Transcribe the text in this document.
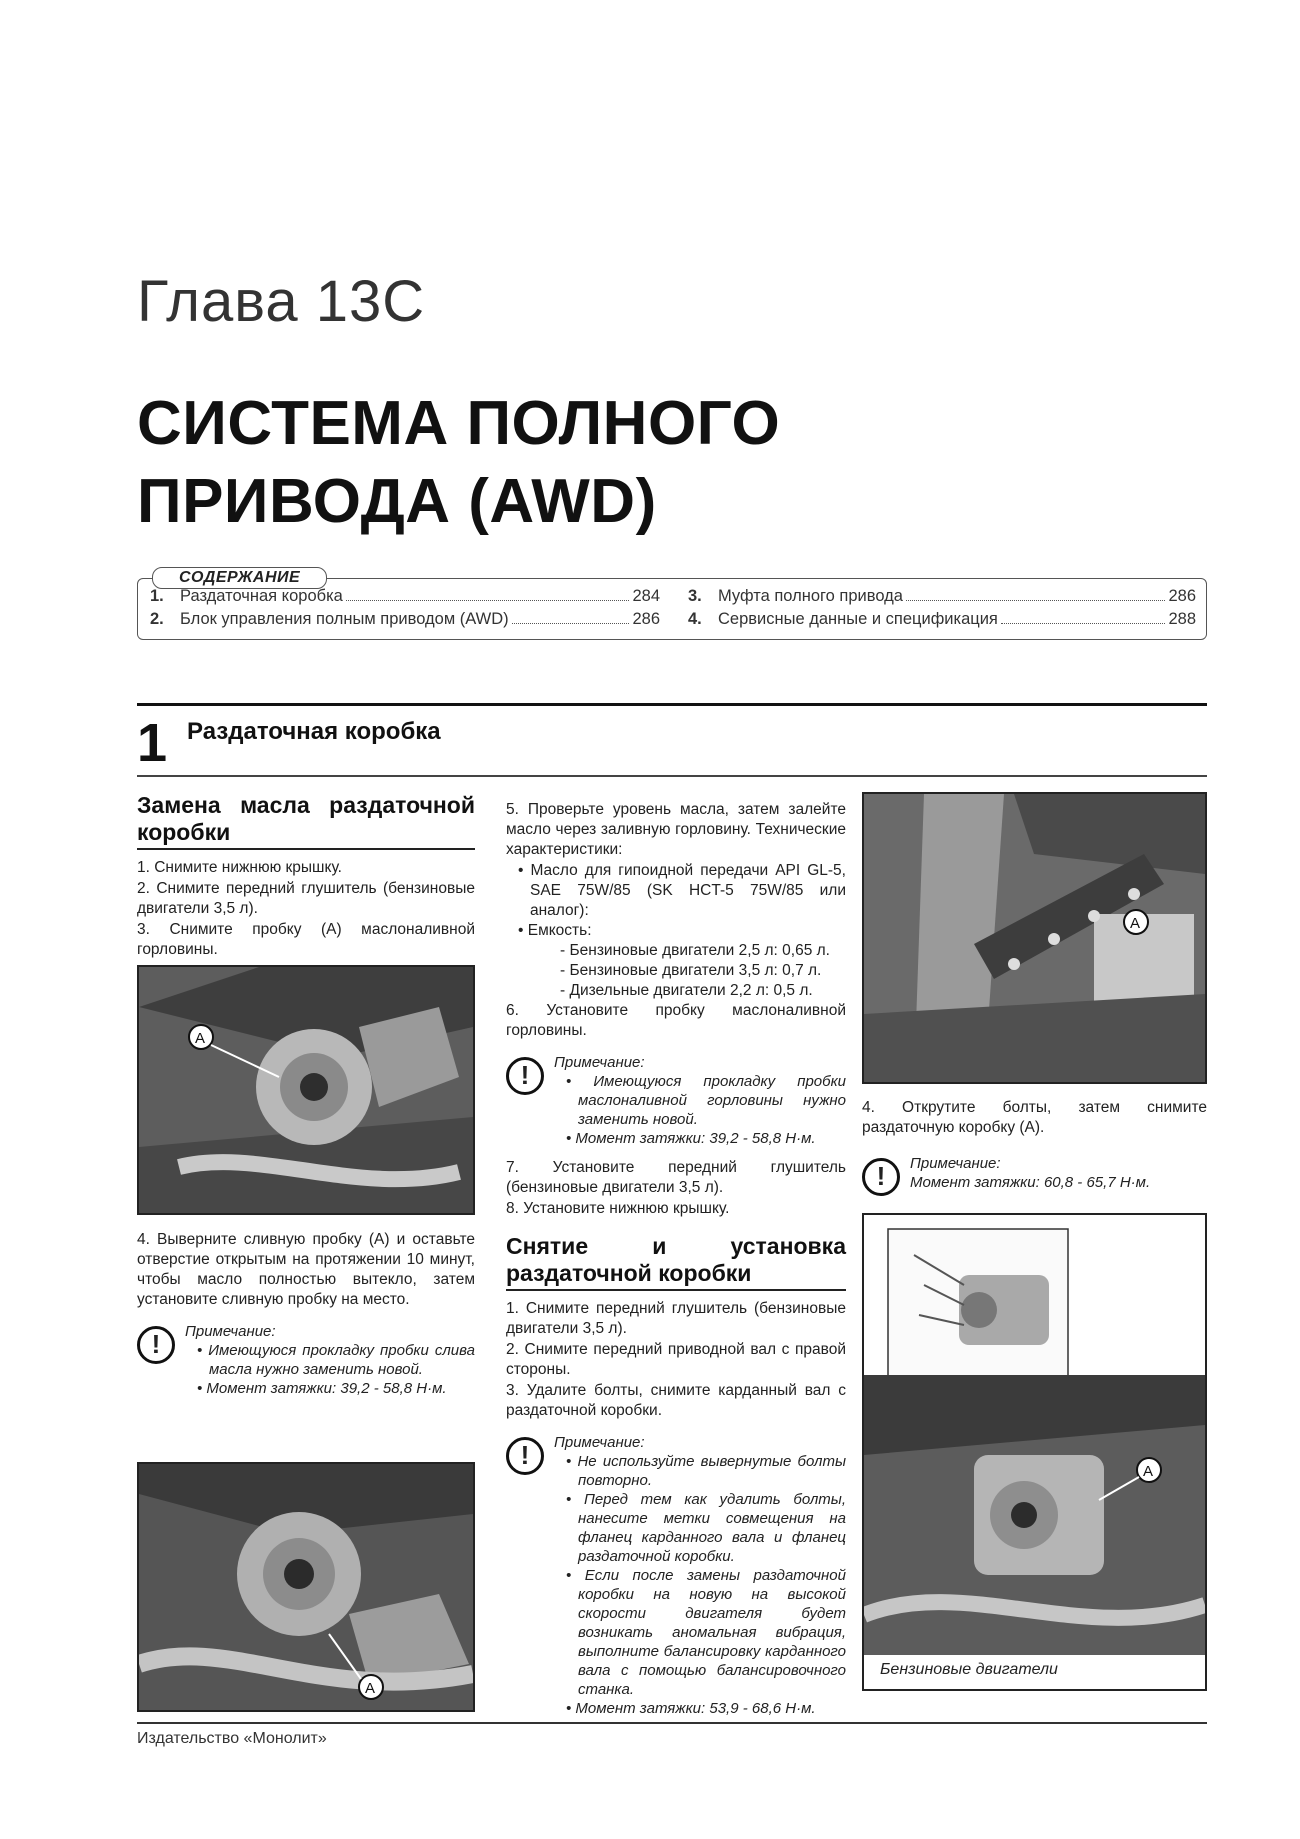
Глава 13С
СИСТЕМА ПОЛНОГО
ПРИВОДА (AWD)
СОДЕРЖАНИЕ
1. Раздаточная коробка	284
2. Блок управления полным приводом (AWD)	286
3. Муфта полного привода	286
4. Сервисные данные и спецификация	288
1 Раздаточная коробка
Замена масла раздаточной коробки
1. Снимите нижнюю крышку.
2. Снимите передний глушитель (бензиновые двигатели 3,5 л).
3. Снимите пробку (А) маслоналивной горловины.
A
4. Выверните сливную пробку (А) и оставьте отверстие открытым на протяжении 10 минут, чтобы масло полностью вытекло, затем установите сливную пробку на место.
!	Примечание:
• Имеющуюся прокладку пробки слива масла нужно заменить новой.
• Момент затяжки: 39,2 - 58,8 Н·м.
A
5. Проверьте уровень масла, затем залейте масло через заливную горловину. Технические характеристики:
• Масло для гипоидной передачи API GL-5, SAE 75W/85 (SK HCT-5 75W/85 или аналог):
• Емкость:
- Бензиновые двигатели 2,5 л: 0,65 л.
- Бензиновые двигатели 3,5 л: 0,7 л.
- Дизельные двигатели 2,2 л: 0,5 л.
6. Установите пробку маслоналивной горловины.
!	Примечание:
• Имеющуюся прокладку пробки маслоналивной горловины нужно заменить новой.
• Момент затяжки: 39,2 - 58,8 Н·м.
7. Установите передний глушитель (бензиновые двигатели 3,5 л).
8. Установите нижнюю крышку.
Снятие и установка раздаточной коробки
1. Снимите передний глушитель (бензиновые двигатели 3,5 л).
2. Снимите передний приводной вал с правой стороны.
3. Удалите болты, снимите карданный вал с раздаточной коробки.
!	Примечание:
• Не используйте вывернутые болты повторно.
• Перед тем как удалить болты, нанесите метки совмещения на фланец карданного вала и фланец раздаточной коробки.
• Если после замены раздаточной коробки на новую на высокой скорости двигателя будет возникать аномальная вибрация, выполните балансировку карданного вала с помощью балансировочного станка.
• Момент затяжки: 53,9 - 68,6 Н·м.
A
4. Открутите болты, затем снимите раздаточную коробку (А).
!	Примечание:
Момент затяжки: 60,8 - 65,7 Н·м.
A
Бензиновые двигатели
Издательство «Монолит»
